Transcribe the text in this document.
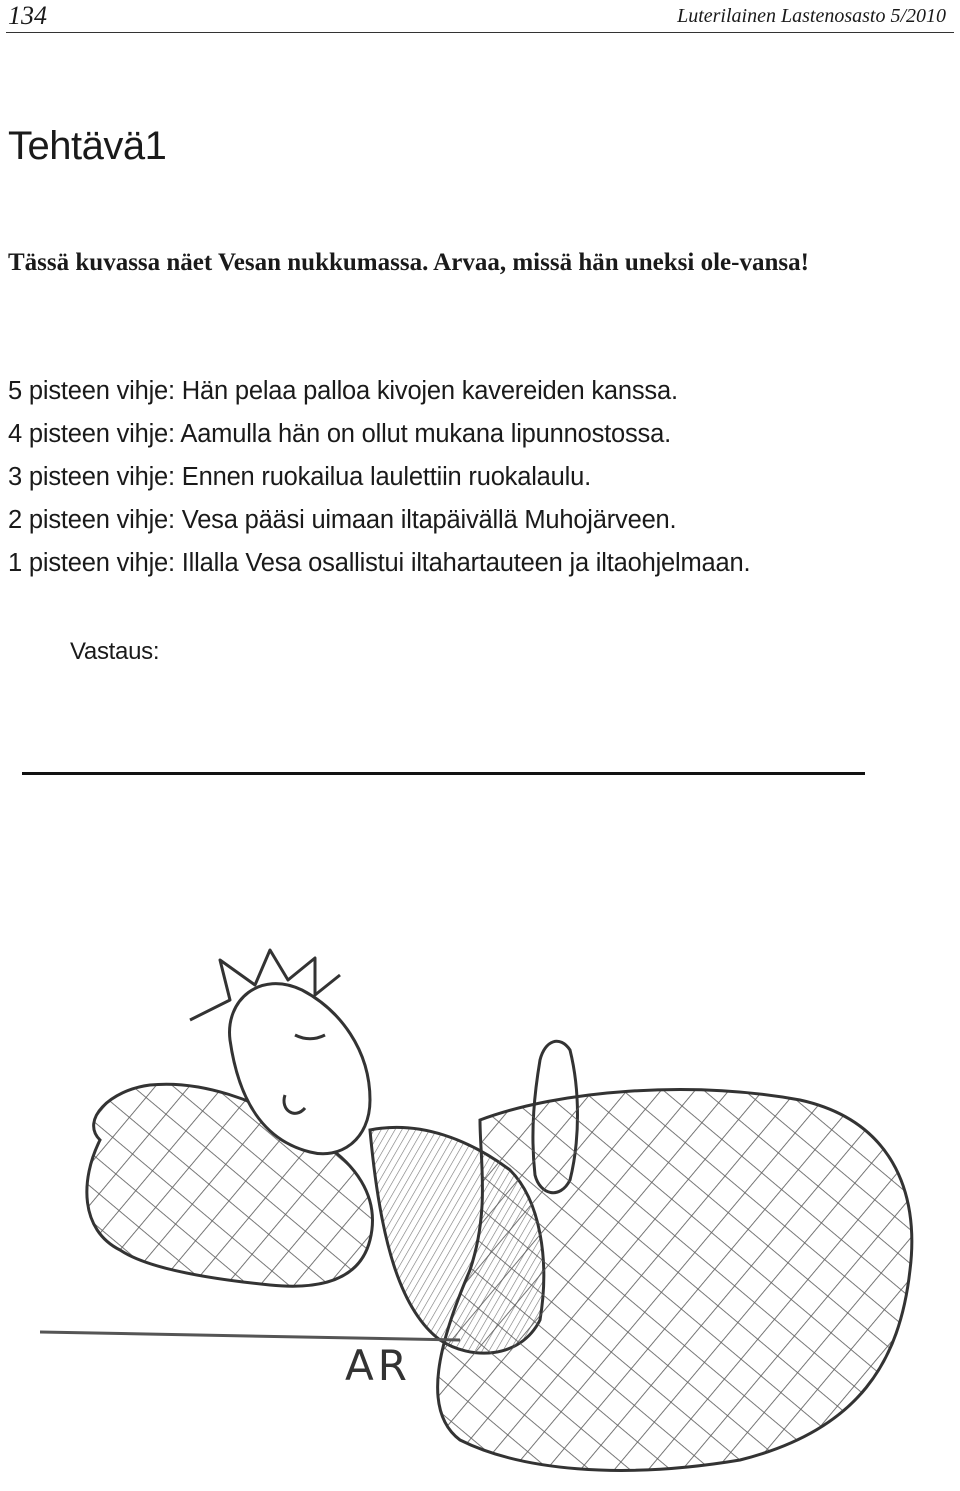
134	Luterilainen Lastenosasto 5/2010
Tehtävä1

Tässä kuvassa näet Vesan nukkumassa. Arvaa, missä hän uneksi ole-vansa!

5 pisteen vihje: Hän pelaa palloa kivojen kavereiden kanssa.
4 pisteen vihje: Aamulla hän on ollut mukana lipunnostossa.
3 pisteen vihje: Ennen ruokailua laulettiin ruokalaulu.
2 pisteen vihje: Vesa pääsi uimaan iltapäivällä Muhojärveen.
1 pisteen vihje: Illalla Vesa osallistui iltahartauteen ja iltaohjelmaan.
Vastaus:
AR
